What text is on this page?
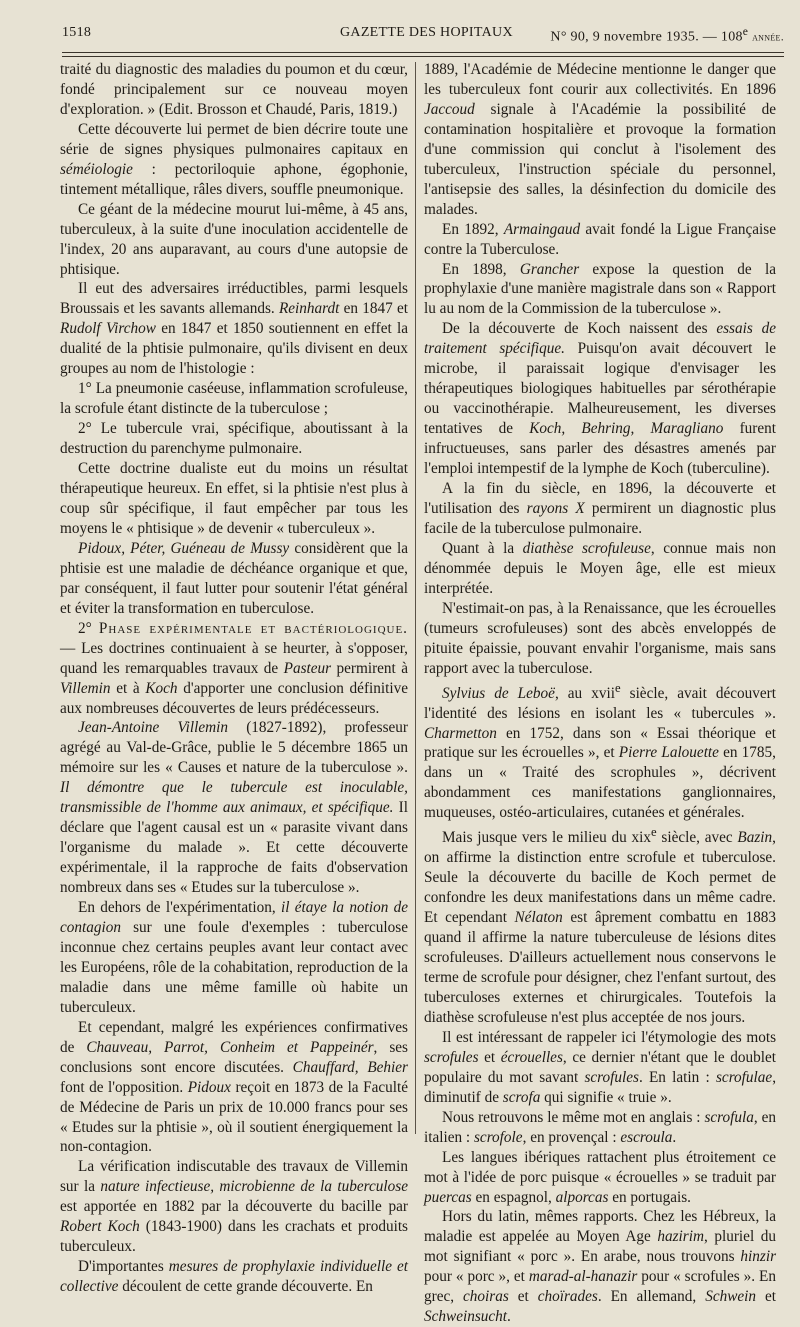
1518	GAZETTE DES HOPITAUX	N° 90, 9 novembre 1935. — 108e année.

traité du diagnostic des maladies du poumon et du cœur, fondé principalement sur ce nouveau moyen d'exploration. » (Edit. Brosson et Chaudé, Paris, 1819.)

Cette découverte lui permet de bien décrire toute une série de signes physiques pulmonaires capitaux en séméiologie : pectoriloquie aphone, égophonie, tintement métallique, râles divers, souffle pneumonique.

Ce géant de la médecine mourut lui-même, à 45 ans, tuberculeux, à la suite d'une inoculation accidentelle de l'index, 20 ans auparavant, au cours d'une autopsie de phtisique.

Il eut des adversaires irréductibles, parmi lesquels Broussais et les savants allemands. Reinhardt en 1847 et Rudolf Virchow en 1847 et 1850 soutiennent en effet la dualité de la phtisie pulmonaire, qu'ils divisent en deux groupes au nom de l'histologie :

1° La pneumonie caséeuse, inflammation scrofuleuse, la scrofule étant distincte de la tuberculose ;

2° Le tubercule vrai, spécifique, aboutissant à la destruction du parenchyme pulmonaire.

Cette doctrine dualiste eut du moins un résultat thérapeutique heureux. En effet, si la phtisie n'est plus à coup sûr spécifique, il faut empêcher par tous les moyens le « phtisique » de devenir « tuberculeux ».

Pidoux, Péter, Guéneau de Mussy considèrent que la phtisie est une maladie de déchéance organique et que, par conséquent, il faut lutter pour soutenir l'état général et éviter la transformation en tuberculose.

2° Phase expérimentale et bactériologique. — Les doctrines continuaient à se heurter, à s'opposer, quand les remarquables travaux de Pasteur permirent à Villemin et à Koch d'apporter une conclusion définitive aux nombreuses découvertes de leurs prédécesseurs.

Jean-Antoine Villemin (1827-1892), professeur agrégé au Val-de-Grâce, publie le 5 décembre 1865 un mémoire sur les « Causes et nature de la tuberculose ». Il démontre que le tubercule est inoculable, transmissible de l'homme aux animaux, et spécifique. Il déclare que l'agent causal est un « parasite vivant dans l'organisme du malade ». Et cette découverte expérimentale, il la rapproche de faits d'observation nombreux dans ses « Etudes sur la tuberculose ».

En dehors de l'expérimentation, il étaye la notion de contagion sur une foule d'exemples : tuberculose inconnue chez certains peuples avant leur contact avec les Européens, rôle de la cohabitation, reproduction de la maladie dans une même famille où habite un tuberculeux.

Et cependant, malgré les expériences confirmatives de Chauveau, Parrot, Conheim et Pappeinér, ses conclusions sont encore discutées. Chauffard, Behier font de l'opposition. Pidoux reçoit en 1873 de la Faculté de Médecine de Paris un prix de 10.000 francs pour ses « Etudes sur la phtisie », où il soutient énergiquement la non-contagion.

La vérification indiscutable des travaux de Villemin sur la nature infectieuse, microbienne de la tuberculose est apportée en 1882 par la découverte du bacille par Robert Koch (1843-1900) dans les crachats et produits tuberculeux.

D'importantes mesures de prophylaxie individuelle et collective découlent de cette grande découverte. En

1889, l'Académie de Médecine mentionne le danger que les tuberculeux font courir aux collectivités. En 1896 Jaccoud signale à l'Académie la possibilité de contamination hospitalière et provoque la formation d'une commission qui conclut à l'isolement des tuberculeux, l'instruction spéciale du personnel, l'antisepsie des salles, la désinfection du domicile des malades.

En 1892, Armaingaud avait fondé la Ligue Française contre la Tuberculose.

En 1898, Grancher expose la question de la prophylaxie d'une manière magistrale dans son « Rapport lu au nom de la Commission de la tuberculose ».

De la découverte de Koch naissent des essais de traitement spécifique. Puisqu'on avait découvert le microbe, il paraissait logique d'envisager les thérapeutiques biologiques habituelles par sérothérapie ou vaccinothérapie. Malheureusement, les diverses tentatives de Koch, Behring, Maragliano furent infructueuses, sans parler des désastres amenés par l'emploi intempestif de la lymphe de Koch (tuberculine).

A la fin du siècle, en 1896, la découverte et l'utilisation des rayons X permirent un diagnostic plus facile de la tuberculose pulmonaire.

Quant à la diathèse scrofuleuse, connue mais non dénommée depuis le Moyen âge, elle est mieux interprétée.

N'estimait-on pas, à la Renaissance, que les écrouelles (tumeurs scrofuleuses) sont des abcès enveloppés de pituite épaissie, pouvant envahir l'organisme, mais sans rapport avec la tuberculose.

Sylvius de Leboë, au xvii$^e$ siècle, avait découvert l'identité des lésions en isolant les « tubercules ». Charmetton en 1752, dans son « Essai théorique et pratique sur les écrouelles », et Pierre Lalouette en 1785, dans un « Traité des scrophules », décrivent abondamment ces manifestations ganglionnaires, muqueuses, ostéo-articulaires, cutanées et générales.

Mais jusque vers le milieu du xix$^e$ siècle, avec Bazin, on affirme la distinction entre scrofule et tuberculose. Seule la découverte du bacille de Koch permet de confondre les deux manifestations dans un même cadre. Et cependant Nélaton est âprement combattu en 1883 quand il affirme la nature tuberculeuse de lésions dites scrofuleuses. D'ailleurs actuellement nous conservons le terme de scrofule pour désigner, chez l'enfant surtout, des tuberculoses externes et chirurgicales. Toutefois la diathèse scrofuleuse n'est plus acceptée de nos jours.

Il est intéressant de rappeler ici l'étymologie des mots scrofules et écrouelles, ce dernier n'étant que le doublet populaire du mot savant scrofules. En latin : scrofulae, diminutif de scrofa qui signifie « truie ».

Nous retrouvons le même mot en anglais : scrofula, en italien : scrofole, en provençal : escroula.

Les langues ibériques rattachent plus étroitement ce mot à l'idée de porc puisque « écrouelles » se traduit par puercas en espagnol, alporcas en portugais.

Hors du latin, mêmes rapports. Chez les Hébreux, la maladie est appelée au Moyen Age hazirim, pluriel du mot signifiant « porc ». En arabe, nous trouvons hinzir pour « porc », et marad-al-hanazir pour « scrofules ». En grec, choiras et choïrades. En allemand, Schwein et Schweinsucht.
